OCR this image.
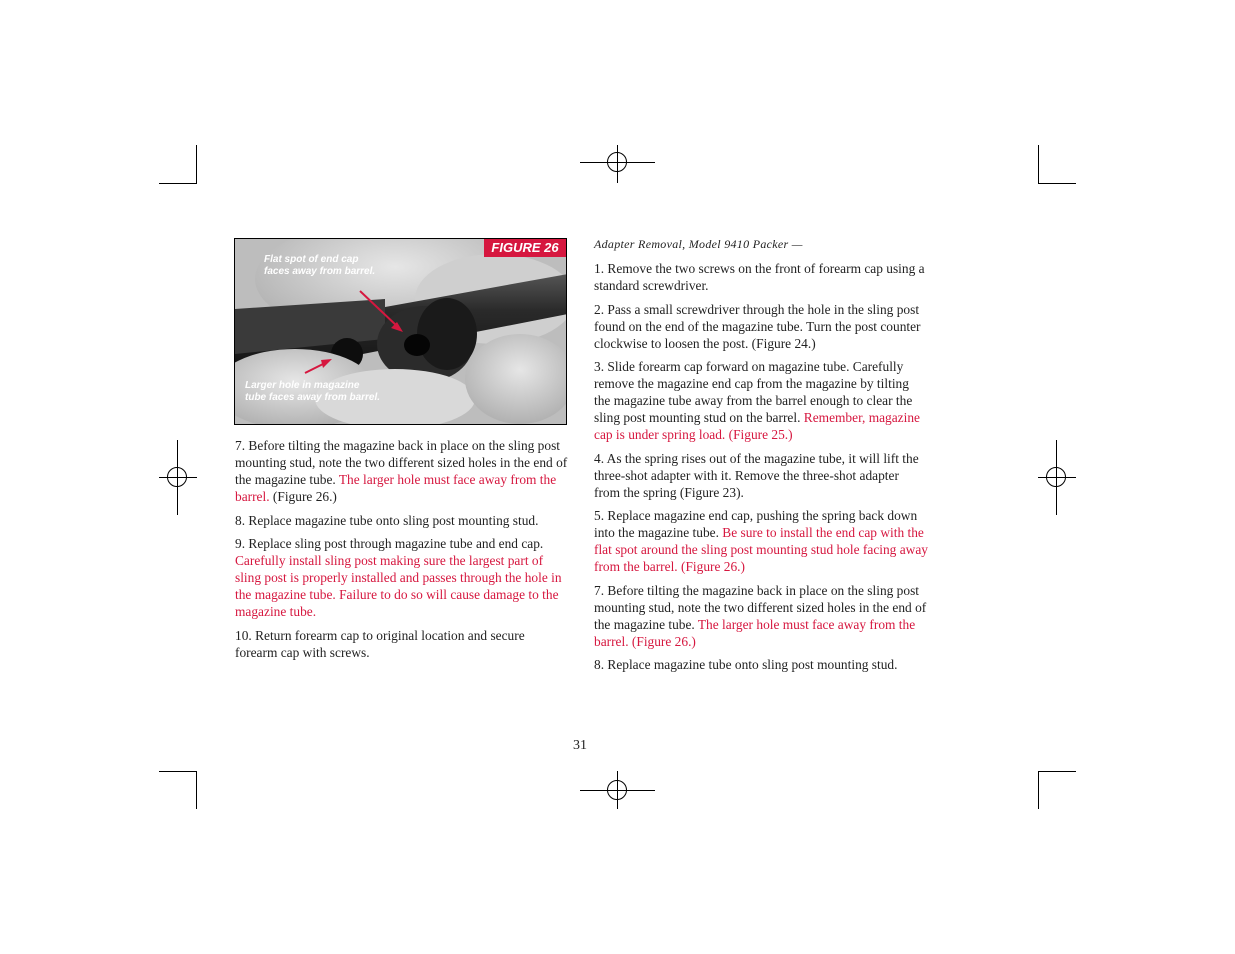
FIGURE 26
Flat spot of end cap
faces away from barrel.
Larger hole in magazine
tube faces away from barrel.

7. Before tilting the magazine back in place on the sling post mounting stud, note the two different sized holes in the end of the magazine tube. The larger hole must face away from the barrel. (Figure 26.)

8. Replace magazine tube onto sling post mounting stud.

9. Replace sling post through magazine tube and end cap. Carefully install sling post making sure the largest part of sling post is properly installed and passes through the hole in the magazine tube. Failure to do so will cause damage to the magazine tube.

10. Return forearm cap to original location and secure forearm cap with screws.

Adapter Removal, Model 9410 Packer —

1. Remove the two screws on the front of forearm cap using a standard screwdriver.

2. Pass a small screwdriver through the hole in the sling post found on the end of the magazine tube. Turn the post counter clockwise to loosen the post. (Figure 24.)

3. Slide forearm cap forward on magazine tube. Carefully remove the magazine end cap from the magazine by tilting the magazine tube away from the barrel enough to clear the sling post mounting stud on the barrel. Remember, magazine cap is under spring load. (Figure 25.)

4. As the spring rises out of the magazine tube, it will lift the three-shot adapter with it. Remove the three-shot adapter from the spring (Figure 23).

5. Replace magazine end cap, pushing the spring back down into the magazine tube. Be sure to install the end cap with the flat spot around the sling post mounting stud hole facing away from the barrel. (Figure 26.)

7. Before tilting the magazine back in place on the sling post mounting stud, note the two different sized holes in the end of the magazine tube. The larger hole must face away from the barrel. (Figure 26.)

8. Replace magazine tube onto sling post mounting stud.

31
